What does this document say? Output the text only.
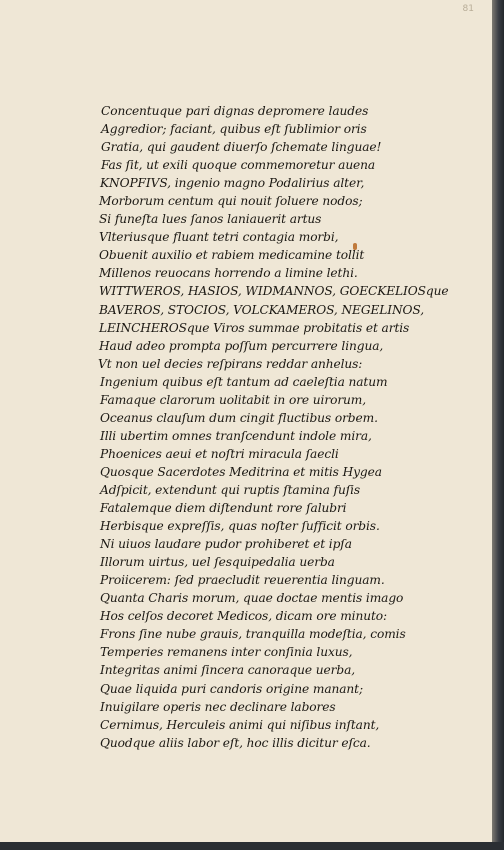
81
Concentuque pari dignas depromere laudes
Aggredior; faciant, quibus eſt ſublimior oris
Gratia, qui gaudent diuerſo ſchemate linguae!
Fas ſit, ut exili quoque commemoretur auena
KNOPFIVS, ingenio magno Podalirius alter,
Morborum centum qui nouit ſoluere nodos;
Si funeſta lues ſanos laniauerit artus
Vlteriusque fluant tetri contagia morbi,
Obuenit auxilio et rabiem medicamine tollit
Millenos reuocans horrendo a limine lethi.
WITTWEROS, HASIOS, WIDMANNOS, GOECKELIOSque
BAVEROS, STOCIOS, VOLCKAMEROS, NEGELINOS,
LEINCHEROSque Viros summae probitatis et artis
Haud adeo prompta poſſum percurrere lingua,
Vt non uel decies reſpirans reddar anhelus:
Ingenium quibus eſt tantum ad caeleſtia natum
Famaque clarorum uolitabit in ore uirorum,
Oceanus clauſum dum cingit fluctibus orbem.
Illi ubertim omnes tranſcendunt indole mira,
Phoenices aeui et noſtri miracula ſaecli
Quosque Sacerdotes Meditrina et mitis Hygea
Adſpicit, extendunt qui ruptis ſtamina fuſis
Fatalemque diem diſtendunt rore ſalubri
Herbisque expreſſis, quas noſter ſufficit orbis.
Ni uiuos laudare pudor prohiberet et ipſa
Illorum uirtus, uel ſesquipedalia uerba
Proiicerem: ſed praecludit reuerentia linguam.
Quanta Charis morum, quae doctae mentis imago
Hos celſos decoret Medicos, dicam ore minuto:
Frons ſine nube grauis, tranquilla modeſtia, comis
Temperies remanens inter conſinia luxus,
Integritas animi ſincera canoraque uerba,
Quae liquida puri candoris origine manant;
Inuigilare operis nec declinare labores
Cernimus, Herculeis animi qui niſibus inſtant,
Quodque aliis labor eſt, hoc illis dicitur eſca.
